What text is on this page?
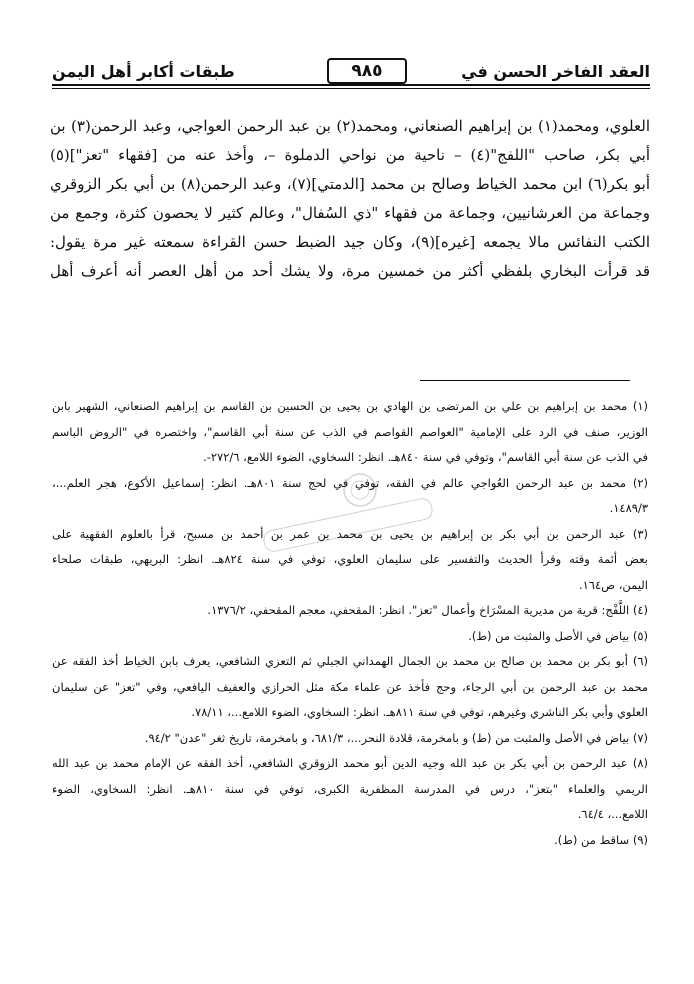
العقد الفاخر الحسن في
٩٨٥
طبقات أكابر أهل اليمن
العلوي، ومحمد(١) بن إبراهيم الصنعاني، ومحمد(٢) بن عبد الرحمن العواجي، وعبد الرحمن(٣) بن
أبي بكر، صاحب "اللفج"(٤) – ناحية من نواحي الدملوة –، وأخذ عنه من [فقهاء "تعز"](٥)
أبو بكر(٦) ابن محمد الخياط وصالح بن محمد [الدمتي](٧)، وعبد الرحمن(٨) بن أبي بكر الزوقري
وجماعة من العرشانيين، وجماعة من فقهاء "ذي السُفال"، وعالم كثير لا يحصون كثرة، وجمع من
الكتب النفائس مالا يجمعه [غيره](٩)، وكان جيد الضبط حسن القراءة سمعته غير مرة يقول:
قد قرأت البخاري بلفظي أكثر من خمسين مرة، ولا يشك أحد من أهل العصر أنه أعرف أهل
(١) محمد بن إبراهيم بن علي بن المرتضى بن الهادي بن يحيى بن الحسين بن القاسم بن إبراهيم الصنعاني، الشهير بابن
الوزير، صنف في الرد على الإمامية "العواصم القواصم في الذب عن سنة أبي القاسم"، واختصره في "الروض الباسم
في الذب عن سنة أبي القاسم"، وتوفي في سنة ٨٤٠هـ. انظر: السخاوي، الضوء اللامع، ٢٧٢/٦-.
(٢) محمد بن عبد الرحمن العُواجي عالم في الفقه، توفي في لحج سنة ٨٠١هـ. انظر: إسماعيل الأكوع، هجر العلم...،
١٤٨٩/٣.
(٣) عبد الرحمن بن أبي بكر بن إبراهيم بن يحيى بن محمد بن عمر بن أحمد بن مسبح، قرأ بالعلوم الفقهية على
بعض أئمة وقته وقرأ الحديث والتفسير على سليمان العلوي، توفي في سنة ٨٢٤هـ. انظر: البريهي، طبقات صلحاء
اليمن، ص١٦٤.
(٤) اللَّفْج: قرية من مديرية المسْرَاخ وأعمال "تعز". انظر: المقحفي، معجم المقحفي، ١٣٧٦/٢.
(٥) بياض في الأصل والمثبت من (ط).
(٦) أبو بكر بن محمد بن صالح بن محمد بن الجمال الهمداني الجبلي ثم التعزي الشافعي، يعرف بابن الخياط أخذ الفقه عن
محمد بن عبد الرحمن بن أبي الرجاء، وحج فأخذ عن علماء مكة مثل الحرازي والعفيف اليافعي، وفي "تعز" عن سليمان
العلوي وأبي بكر الناشري وغيرهم، توفي في سنة ٨١١هـ. انظر: السخاوي، الضوء اللامع...، ٧٨/١١.
(٧) بياض في الأصل والمثبت من (ط) و بامخرمة، قلادة النحر...، ٦٨١/٣، و بامخرمة، تاريخ ثغر "عدن" ٩٤/٢.
(٨) عبد الرحمن بن أبي بكر بن عبد الله وجيه الدين أبو محمد الزوقري الشافعي، أخذ الفقه عن الإمام محمد بن عبد الله
الريمي والعلماء "بتعز"، درس في المدرسة المظفرية الكبرى، توفي في سنة ٨١٠هـ. انظر: السخاوي، الضوء
اللامع...، ٦٤/٤.
(٩) ساقط من (ط).
